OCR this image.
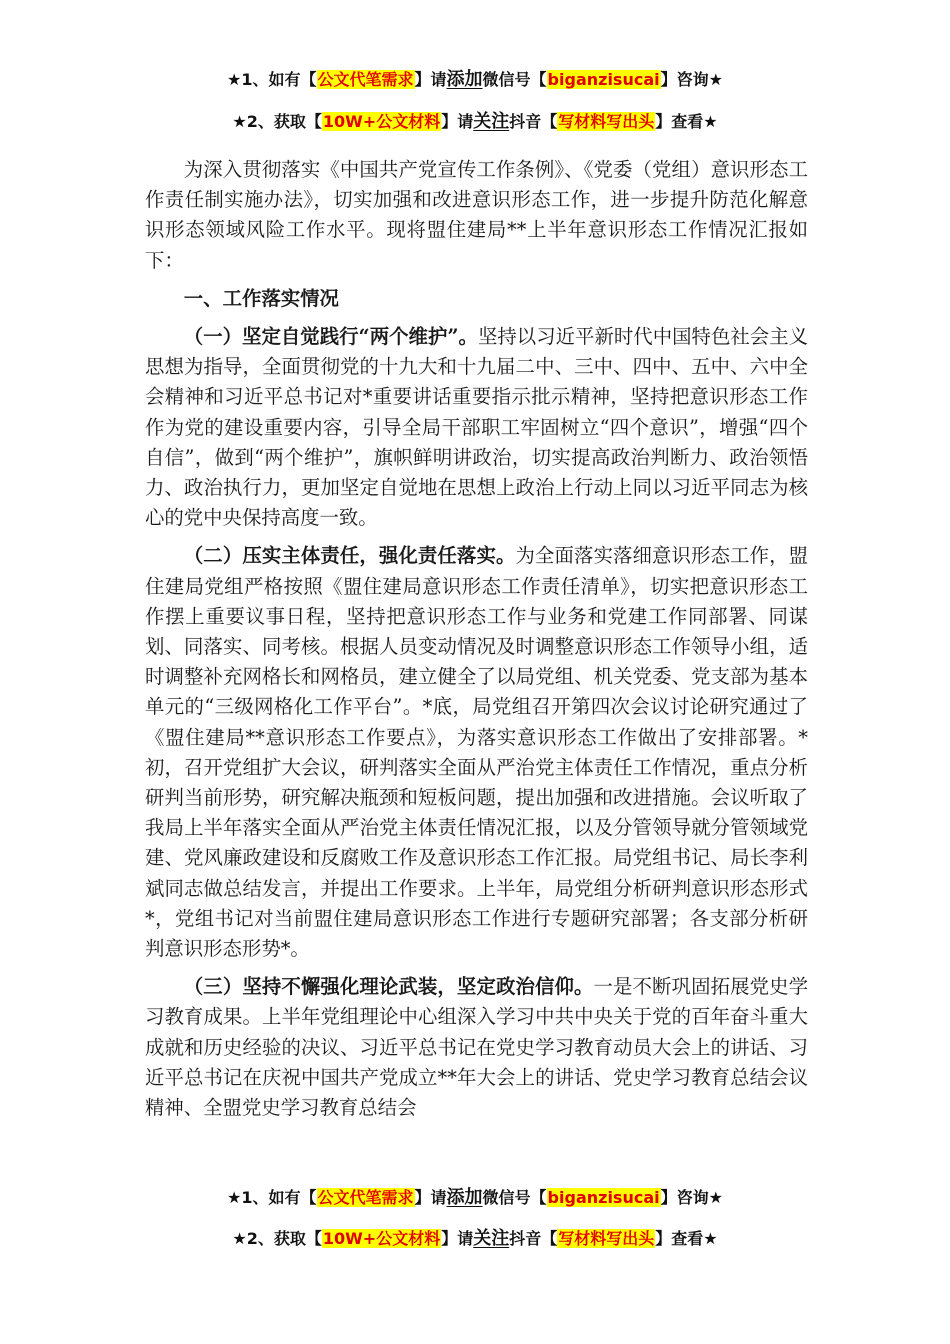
★1、如有【公文代笔需求】请添加微信号【biganzisucai】咨询★
★2、获取【10W+公文材料】请关注抖音【写材料写出头】查看★

为深入贯彻落实《中国共产党宣传工作条例》、《党委（党组）意识形态工作责任制实施办法》，切实加强和改进意识形态工作，进一步提升防范化解意识形态领域风险工作水平。现将盟住建局**上半年意识形态工作情况汇报如下：

一、工作落实情况

（一）坚定自觉践行“两个维护”。坚持以习近平新时代中国特色社会主义思想为指导，全面贯彻党的十九大和十九届二中、三中、四中、五中、六中全会精神和习近平总书记对*重要讲话重要指示批示精神，坚持把意识形态工作作为党的建设重要内容，引导全局干部职工牢固树立“四个意识”，增强“四个自信”，做到“两个维护”，旗帜鲜明讲政治，切实提高政治判断力、政治领悟力、政治执行力，更加坚定自觉地在思想上政治上行动上同以习近平同志为核心的党中央保持高度一致。

（二）压实主体责任，强化责任落实。为全面落实落细意识形态工作，盟住建局党组严格按照《盟住建局意识形态工作责任清单》，切实把意识形态工作摆上重要议事日程，坚持把意识形态工作与业务和党建工作同部署、同谋划、同落实、同考核。根据人员变动情况及时调整意识形态工作领导小组，适时调整补充网格长和网格员，建立健全了以局党组、机关党委、党支部为基本单元的“三级网格化工作平台”。*底，局党组召开第四次会议讨论研究通过了《盟住建局**意识形态工作要点》，为落实意识形态工作做出了安排部署。*初，召开党组扩大会议，研判落实全面从严治党主体责任工作情况，重点分析研判当前形势，研究解决瓶颈和短板问题，提出加强和改进措施。会议听取了我局上半年落实全面从严治党主体责任情况汇报，以及分管领导就分管领域党建、党风廉政建设和反腐败工作及意识形态工作汇报。局党组书记、局长李利斌同志做总结发言，并提出工作要求。上半年，局党组分析研判意识形态形式*，党组书记对当前盟住建局意识形态工作进行专题研究部署；各支部分析研判意识形态形势*。

（三）坚持不懈强化理论武装，坚定政治信仰。一是不断巩固拓展党史学习教育成果。上半年党组理论中心组深入学习中共中央关于党的百年奋斗重大成就和历史经验的决议、习近平总书记在党史学习教育动员大会上的讲话、习近平总书记在庆祝中国共产党成立**年大会上的讲话、党史学习教育总结会议精神、全盟党史学习教育总结会

★1、如有【公文代笔需求】请添加微信号【biganzisucai】咨询★
★2、获取【10W+公文材料】请关注抖音【写材料写出头】查看★
